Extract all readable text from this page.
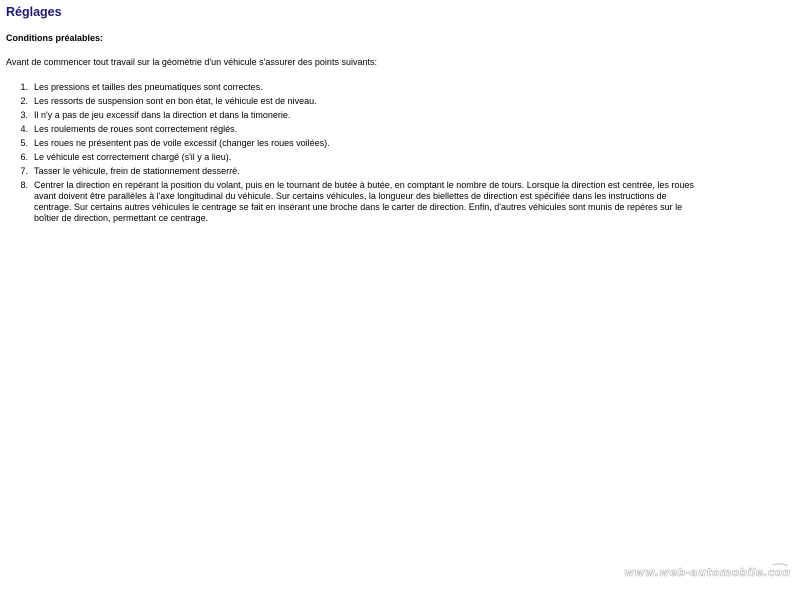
Réglages
Conditions préalables:

Avant de commencer tout travail sur la géomètrie d'un véhicule s'assurer des points suivants:

1. Les pressions et tailles des pneumatiques sont correctes.
2. Les ressorts de suspension sont en bon état, le véhicule est de niveau.
3. Il n'y a pas de jeu excessif dans la direction et dans la timonerie.
4. Les roulements de roues sont correctement réglés.
5. Les roues ne présentent pas de voile excessif (changer les roues voilées).
6. Le véhicule est correctement chargé (s'il y a lieu).
7. Tasser le véhicule, frein de stationnement desserré.
8. Centrer la direction en repérant la position du volant, puis en le tournant de butée à butée, en comptant le nombre de tours. Lorsque la direction est centrée, les roues avant doivent être parallèles à l'axe longitudinal du véhicule. Sur certains véhicules, la longueur des biellettes de direction est spécifiée dans les instructions de centrage. Sur certains autres véhicules le centrage se fait en insérant une broche dans le carter de direction. Enfin, d'autres véhicules sont munis de repères sur le boîtier de direction, permettant ce centrage.
www.web-automobile.com
